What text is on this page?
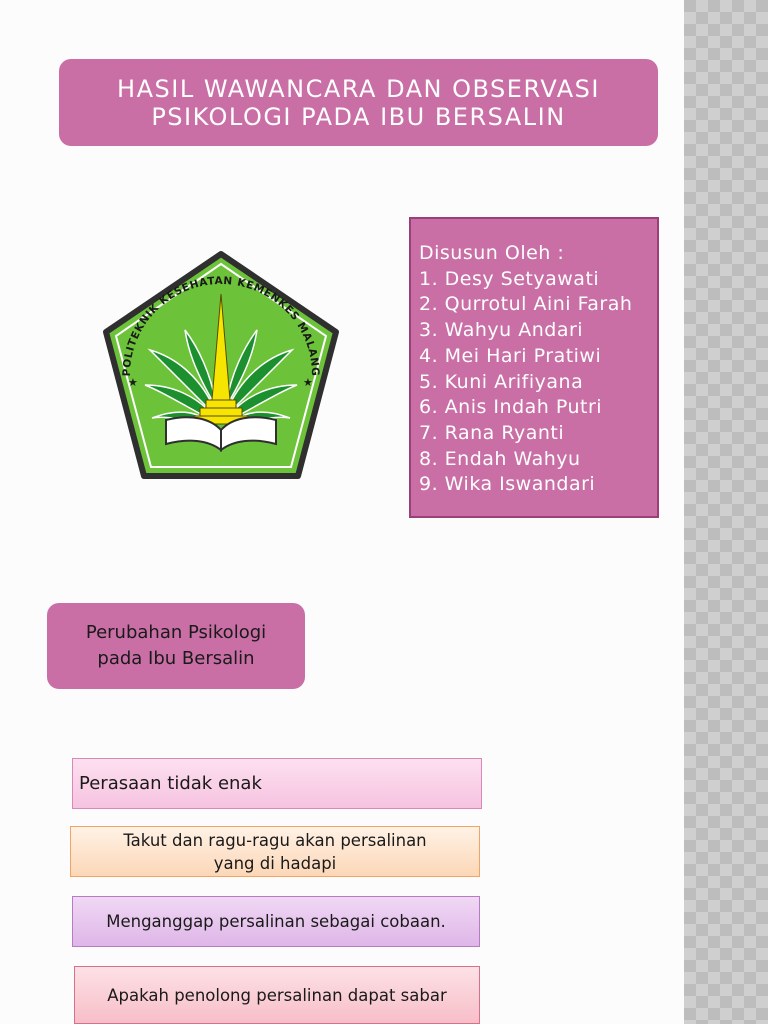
HASIL WAWANCARA DAN OBSERVASI
PSIKOLOGI PADA IBU BERSALIN
POLITEKNIK KESEHATAN KEMENKES MALANG
★	★
Disusun Oleh :
1. Desy Setyawati
2. Qurrotul Aini Farah
3. Wahyu Andari
4. Mei Hari Pratiwi
5. Kuni Arifiyana
6. Anis Indah Putri
7. Rana Ryanti
8. Endah Wahyu
9. Wika Iswandari
Perubahan Psikologi
pada Ibu Bersalin
Perasaan tidak enak
Takut dan ragu-ragu akan persalinan
yang di hadapi
Menganggap persalinan sebagai cobaan.
Apakah penolong persalinan dapat sabar
